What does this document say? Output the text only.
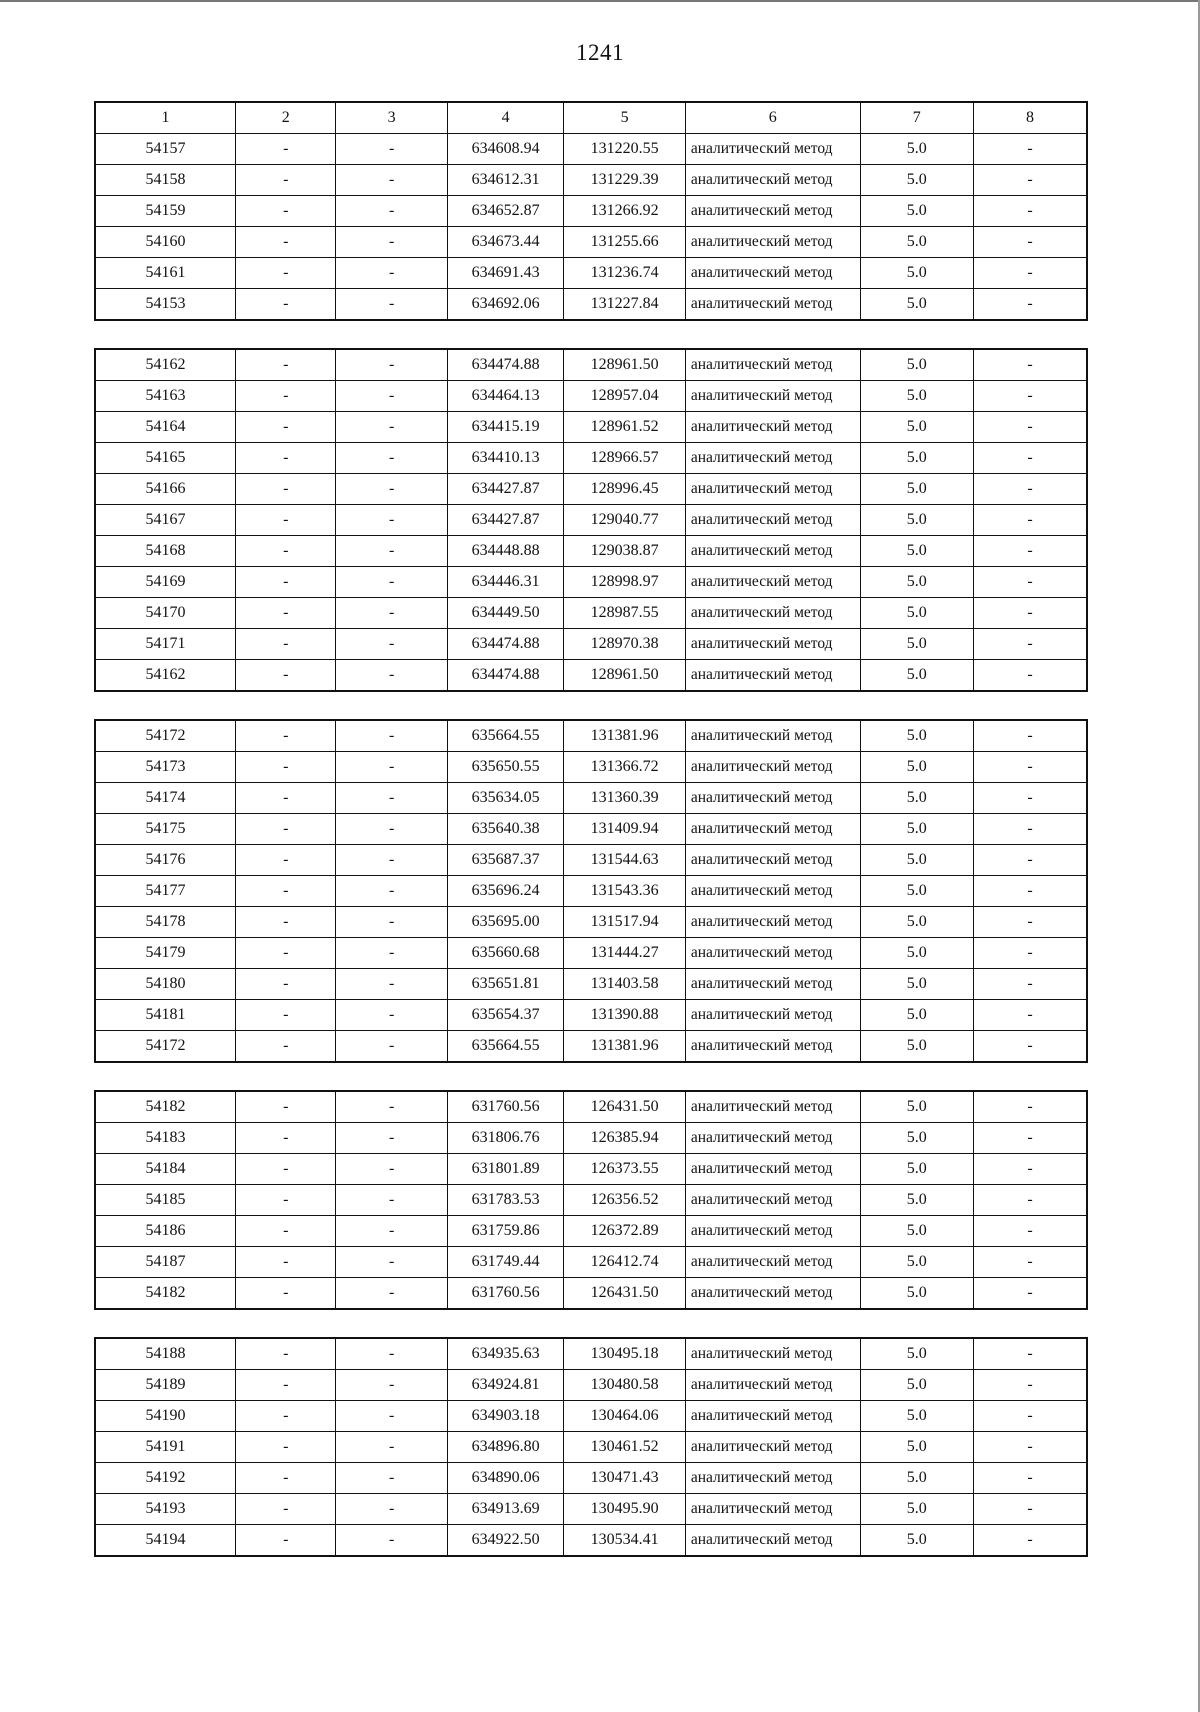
1241
1	2	3	4	5	6	7	8
54157	-	-	634608.94	131220.55	аналитический метод	5.0	-
54158	-	-	634612.31	131229.39	аналитический метод	5.0	-
54159	-	-	634652.87	131266.92	аналитический метод	5.0	-
54160	-	-	634673.44	131255.66	аналитический метод	5.0	-
54161	-	-	634691.43	131236.74	аналитический метод	5.0	-
54153	-	-	634692.06	131227.84	аналитический метод	5.0	-
54162	-	-	634474.88	128961.50	аналитический метод	5.0	-
54163	-	-	634464.13	128957.04	аналитический метод	5.0	-
54164	-	-	634415.19	128961.52	аналитический метод	5.0	-
54165	-	-	634410.13	128966.57	аналитический метод	5.0	-
54166	-	-	634427.87	128996.45	аналитический метод	5.0	-
54167	-	-	634427.87	129040.77	аналитический метод	5.0	-
54168	-	-	634448.88	129038.87	аналитический метод	5.0	-
54169	-	-	634446.31	128998.97	аналитический метод	5.0	-
54170	-	-	634449.50	128987.55	аналитический метод	5.0	-
54171	-	-	634474.88	128970.38	аналитический метод	5.0	-
54162	-	-	634474.88	128961.50	аналитический метод	5.0	-
54172	-	-	635664.55	131381.96	аналитический метод	5.0	-
54173	-	-	635650.55	131366.72	аналитический метод	5.0	-
54174	-	-	635634.05	131360.39	аналитический метод	5.0	-
54175	-	-	635640.38	131409.94	аналитический метод	5.0	-
54176	-	-	635687.37	131544.63	аналитический метод	5.0	-
54177	-	-	635696.24	131543.36	аналитический метод	5.0	-
54178	-	-	635695.00	131517.94	аналитический метод	5.0	-
54179	-	-	635660.68	131444.27	аналитический метод	5.0	-
54180	-	-	635651.81	131403.58	аналитический метод	5.0	-
54181	-	-	635654.37	131390.88	аналитический метод	5.0	-
54172	-	-	635664.55	131381.96	аналитический метод	5.0	-
54182	-	-	631760.56	126431.50	аналитический метод	5.0	-
54183	-	-	631806.76	126385.94	аналитический метод	5.0	-
54184	-	-	631801.89	126373.55	аналитический метод	5.0	-
54185	-	-	631783.53	126356.52	аналитический метод	5.0	-
54186	-	-	631759.86	126372.89	аналитический метод	5.0	-
54187	-	-	631749.44	126412.74	аналитический метод	5.0	-
54182	-	-	631760.56	126431.50	аналитический метод	5.0	-
54188	-	-	634935.63	130495.18	аналитический метод	5.0	-
54189	-	-	634924.81	130480.58	аналитический метод	5.0	-
54190	-	-	634903.18	130464.06	аналитический метод	5.0	-
54191	-	-	634896.80	130461.52	аналитический метод	5.0	-
54192	-	-	634890.06	130471.43	аналитический метод	5.0	-
54193	-	-	634913.69	130495.90	аналитический метод	5.0	-
54194	-	-	634922.50	130534.41	аналитический метод	5.0	-
